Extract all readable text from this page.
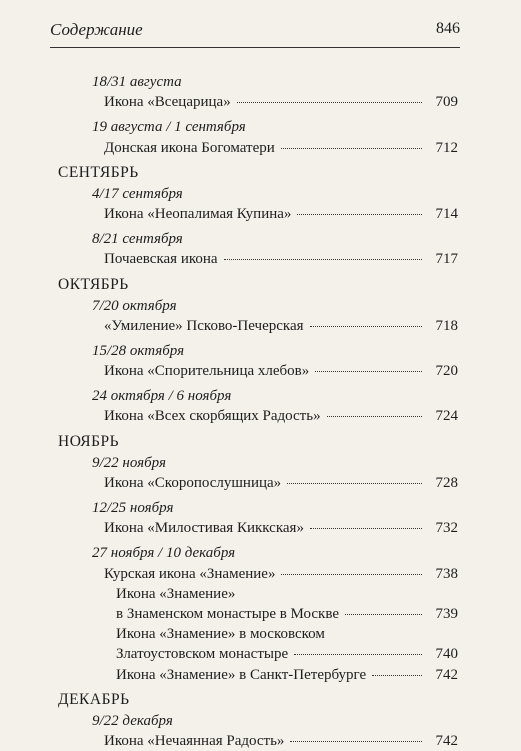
Содержание	846
18/31 августа
Икона «Всецарица»	709
19 августа / 1 сентября
Донская икона Богоматери	712
СЕНТЯБРЬ
4/17 сентября
Икона «Неопалимая Купина»	714
8/21 сентября
Почаевская икона	717
ОКТЯБРЬ
7/20 октября
«Умиление» Псково-Печерская	718
15/28 октября
Икона «Спорительница хлебов»	720
24 октября / 6 ноября
Икона «Всех скорбящих Радость»	724
НОЯБРЬ
9/22 ноября
Икона «Скоропослушница»	728
12/25 ноября
Икона «Милостивая Киккская»	732
27 ноября / 10 декабря
Курская икона «Знамение»	738
Икона «Знамение»
в Знаменском монастыре в Москве	739
Икона «Знамение» в московском
Златоустовском монастыре	740
Икона «Знамение» в Санкт-Петербурге	742
ДЕКАБРЬ
9/22 декабря
Икона «Нечаянная Радость»	742
